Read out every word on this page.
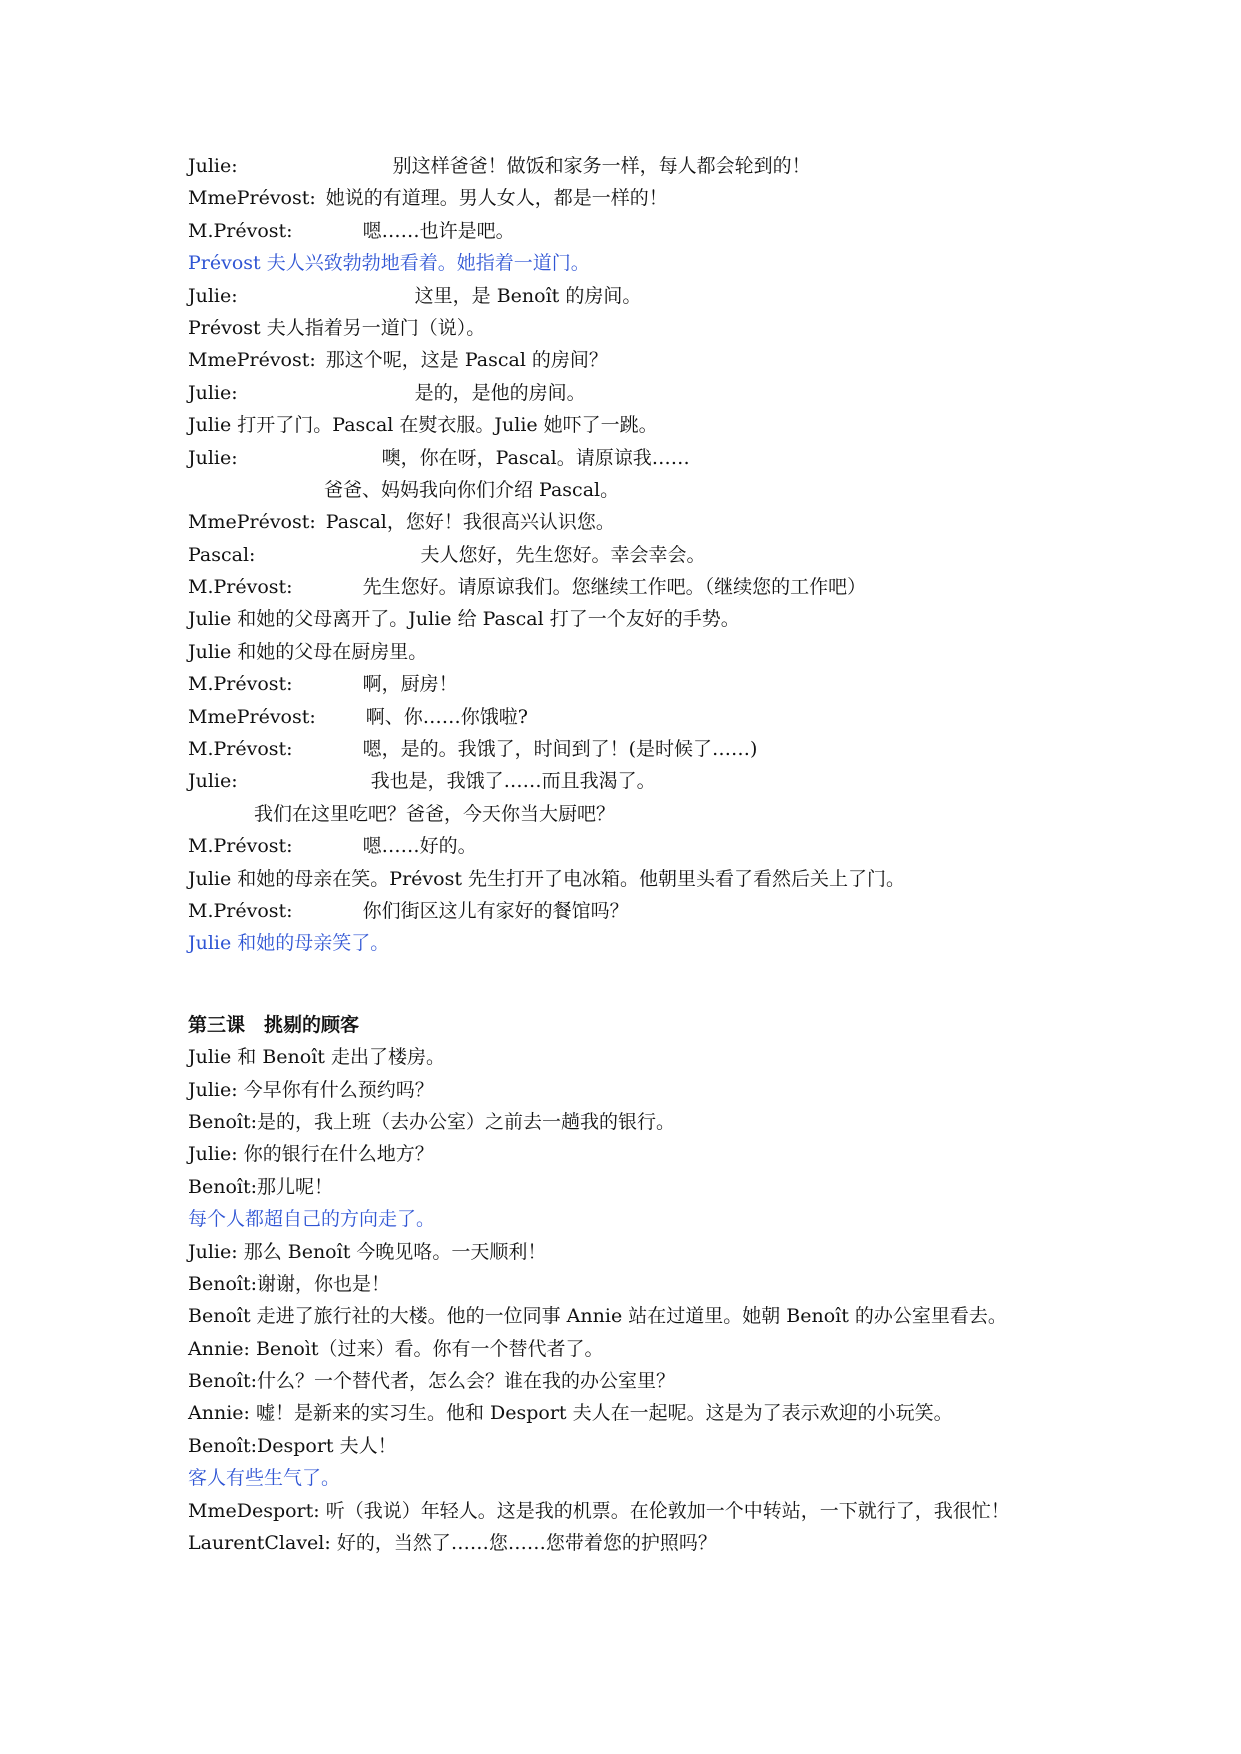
Julie:	别这样爸爸！做饭和家务一样，每人都会轮到的！
MmePrévost: 她说的有道理。男人女人，都是一样的！
M.Prévost:	嗯……也许是吧。
Prévost 夫人兴致勃勃地看着。她指着一道门。
Julie:	这里，是 Benoît 的房间。
Prévost 夫人指着另一道门（说）。
MmePrévost: 那这个呢，这是 Pascal 的房间？
Julie:	是的，是他的房间。
Julie 打开了门。Pascal 在熨衣服。Julie 她吓了一跳。
Julie:	噢，你在呀，Pascal。请原谅我……
爸爸、妈妈我向你们介绍 Pascal。
MmePrévost: Pascal，您好！我很高兴认识您。
Pascal:	夫人您好，先生您好。幸会幸会。
M.Prévost:	先生您好。请原谅我们。您继续工作吧。（继续您的工作吧）
Julie 和她的父母离开了。Julie 给 Pascal 打了一个友好的手势。
Julie 和她的父母在厨房里。
M.Prévost:	啊，厨房！
MmePrévost:	啊、你……你饿啦?
M.Prévost:	嗯，是的。我饿了，时间到了！(是时候了……)
Julie:	我也是，我饿了……而且我渴了。
我们在这里吃吧？爸爸，今天你当大厨吧？
M.Prévost:	嗯……好的。
Julie 和她的母亲在笑。Prévost 先生打开了电冰箱。他朝里头看了看然后关上了门。
M.Prévost:	你们街区这儿有家好的餐馆吗？
Julie 和她的母亲笑了。
第三课　挑剔的顾客
Julie 和 Benoît 走出了楼房。
Julie: 今早你有什么预约吗？
Benoît:是的，我上班（去办公室）之前去一趟我的银行。
Julie: 你的银行在什么地方？
Benoît:那儿呢！
每个人都超自己的方向走了。
Julie: 那么 Benoît 今晚见咯。一天顺利！
Benoît:谢谢，你也是！
Benoît 走进了旅行社的大楼。他的一位同事 Annie 站在过道里。她朝 Benoît 的办公室里看去。
Annie: Benoìt（过来）看。你有一个替代者了。
Benoît:什么？一个替代者，怎么会？谁在我的办公室里？
Annie: 嘘！是新来的实习生。他和 Desport 夫人在一起呢。这是为了表示欢迎的小玩笑。
Benoît:Desport 夫人！
客人有些生气了。
MmeDesport: 听（我说）年轻人。这是我的机票。在伦敦加一个中转站，一下就行了，我很忙！
LaurentClavel: 好的，当然了……您……您带着您的护照吗？
